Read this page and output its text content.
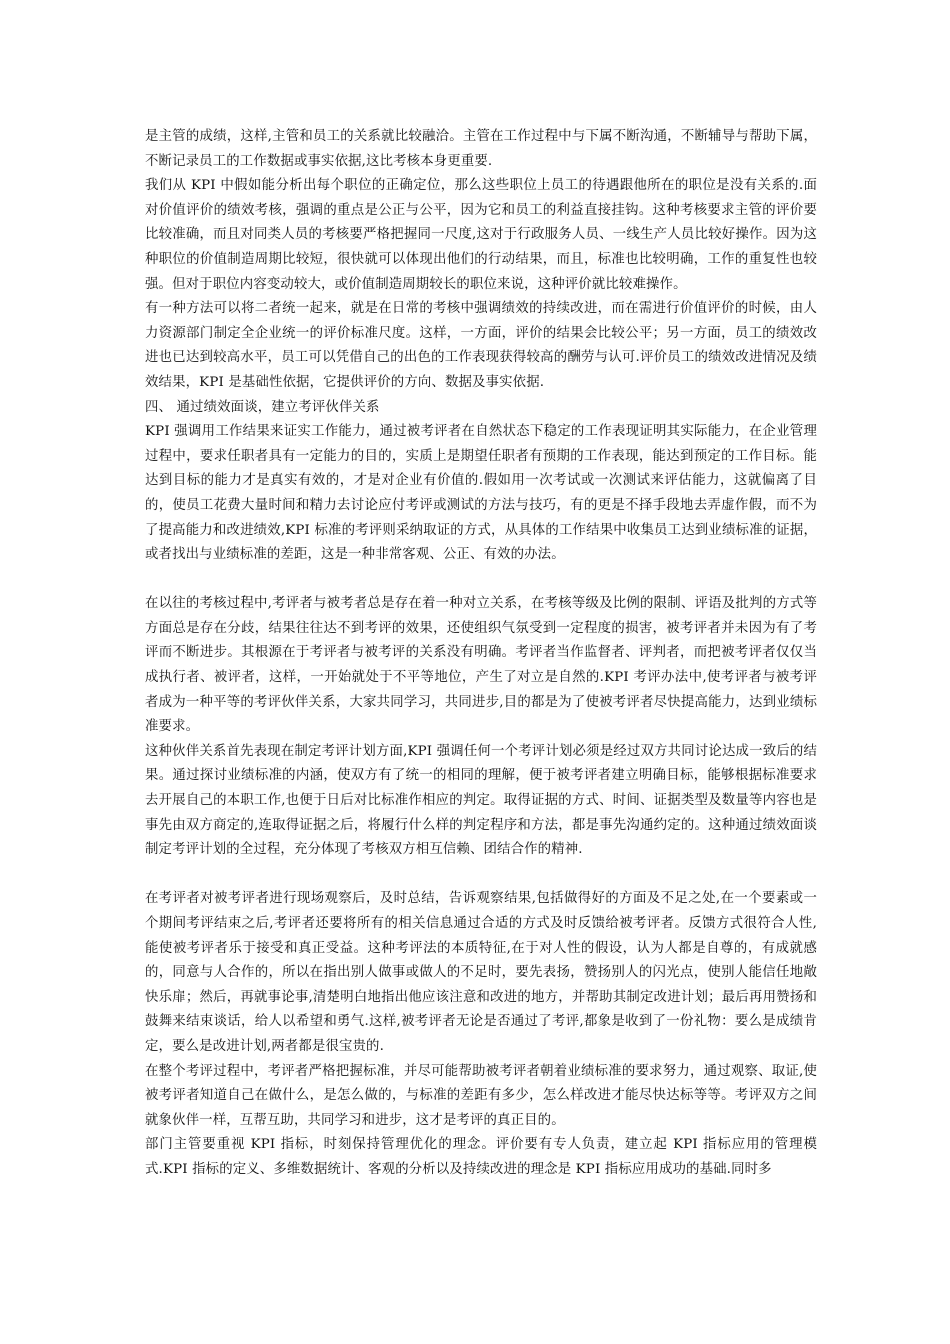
是主管的成绩，这样,主管和员工的关系就比较融洽。主管在工作过程中与下属不断沟通，不断辅导与帮助下属，不断记录员工的工作数据或事实依据,这比考核本身更重要.

我们从 KPI 中假如能分析出每个职位的正确定位，那么这些职位上员工的待遇跟他所在的职位是没有关系的.面对价值评价的绩效考核，强调的重点是公正与公平，因为它和员工的利益直接挂钩。这种考核要求主管的评价要比较准确，而且对同类人员的考核要严格把握同一尺度,这对于行政服务人员、一线生产人员比较好操作。因为这种职位的价值制造周期比较短，很快就可以体现出他们的行动结果，而且，标准也比较明确，工作的重复性也较强。但对于职位内容变动较大，或价值制造周期较长的职位来说，这种评价就比较难操作。

有一种方法可以将二者统一起来，就是在日常的考核中强调绩效的持续改进，而在需进行价值评价的时候，由人力资源部门制定全企业统一的评价标准尺度。这样，一方面，评价的结果会比较公平；另一方面，员工的绩效改进也已达到较高水平，员工可以凭借自己的出色的工作表现获得较高的酬劳与认可.评价员工的绩效改进情况及绩效结果，KPI 是基础性依据，它提供评价的方向、数据及事实依据.

四、 通过绩效面谈，建立考评伙伴关系

KPI 强调用工作结果来证实工作能力，通过被考评者在自然状态下稳定的工作表现证明其实际能力，在企业管理过程中，要求任职者具有一定能力的目的，实质上是期望任职者有预期的工作表现，能达到预定的工作目标。能达到目标的能力才是真实有效的，才是对企业有价值的.假如用一次考试或一次测试来评估能力，这就偏离了目的，使员工花费大量时间和精力去讨论应付考评或测试的方法与技巧，有的更是不择手段地去弄虚作假，而不为了提高能力和改进绩效,KPI 标准的考评则采纳取证的方式，从具体的工作结果中收集员工达到业绩标准的证据，或者找出与业绩标准的差距，这是一种非常客观、公正、有效的办法。

在以往的考核过程中,考评者与被考者总是存在着一种对立关系，在考核等级及比例的限制、评语及批判的方式等方面总是存在分歧，结果往往达不到考评的效果，还使组织气氛受到一定程度的损害，被考评者并未因为有了考评而不断进步。其根源在于考评者与被考评的关系没有明确。考评者当作监督者、评判者，而把被考评者仅仅当成执行者、被评者，这样，一开始就处于不平等地位，产生了对立是自然的.KPI 考评办法中,使考评者与被考评者成为一种平等的考评伙伴关系，大家共同学习，共同进步,目的都是为了使被考评者尽快提高能力，达到业绩标准要求。

这种伙伴关系首先表现在制定考评计划方面,KPI 强调任何一个考评计划必须是经过双方共同讨论达成一致后的结果。通过探讨业绩标准的内涵，使双方有了统一的相同的理解，便于被考评者建立明确目标，能够根据标准要求去开展自己的本职工作,也便于日后对比标准作相应的判定。取得证据的方式、时间、证据类型及数量等内容也是事先由双方商定的,连取得证据之后，将履行什么样的判定程序和方法，都是事先沟通约定的。这种通过绩效面谈制定考评计划的全过程，充分体现了考核双方相互信赖、团结合作的精神.

在考评者对被考评者进行现场观察后，及时总结，告诉观察结果,包括做得好的方面及不足之处,在一个要素或一个期间考评结束之后,考评者还要将所有的相关信息通过合适的方式及时反馈给被考评者。反馈方式很符合人性,能使被考评者乐于接受和真正受益。这种考评法的本质特征,在于对人性的假设，认为人都是自尊的，有成就感的，同意与人合作的，所以在指出别人做事或做人的不足时，要先表扬，赞扬别人的闪光点，使别人能信任地敞快乐扉；然后，再就事论事,清楚明白地指出他应该注意和改进的地方，并帮助其制定改进计划；最后再用赞扬和鼓舞来结束谈话，给人以希望和勇气.这样,被考评者无论是否通过了考评,都象是收到了一份礼物：要么是成绩肯定，要么是改进计划,两者都是很宝贵的.

在整个考评过程中，考评者严格把握标准，并尽可能帮助被考评者朝着业绩标准的要求努力，通过观察、取证,使被考评者知道自己在做什么，是怎么做的，与标准的差距有多少，怎么样改进才能尽快达标等等。考评双方之间就象伙伴一样，互帮互助，共同学习和进步，这才是考评的真正目的。

部门主管要重视 KPI 指标，时刻保持管理优化的理念。评价要有专人负责，建立起 KPI 指标应用的管理模式.KPI 指标的定义、多维数据统计、客观的分析以及持续改进的理念是 KPI 指标应用成功的基础.同时多
